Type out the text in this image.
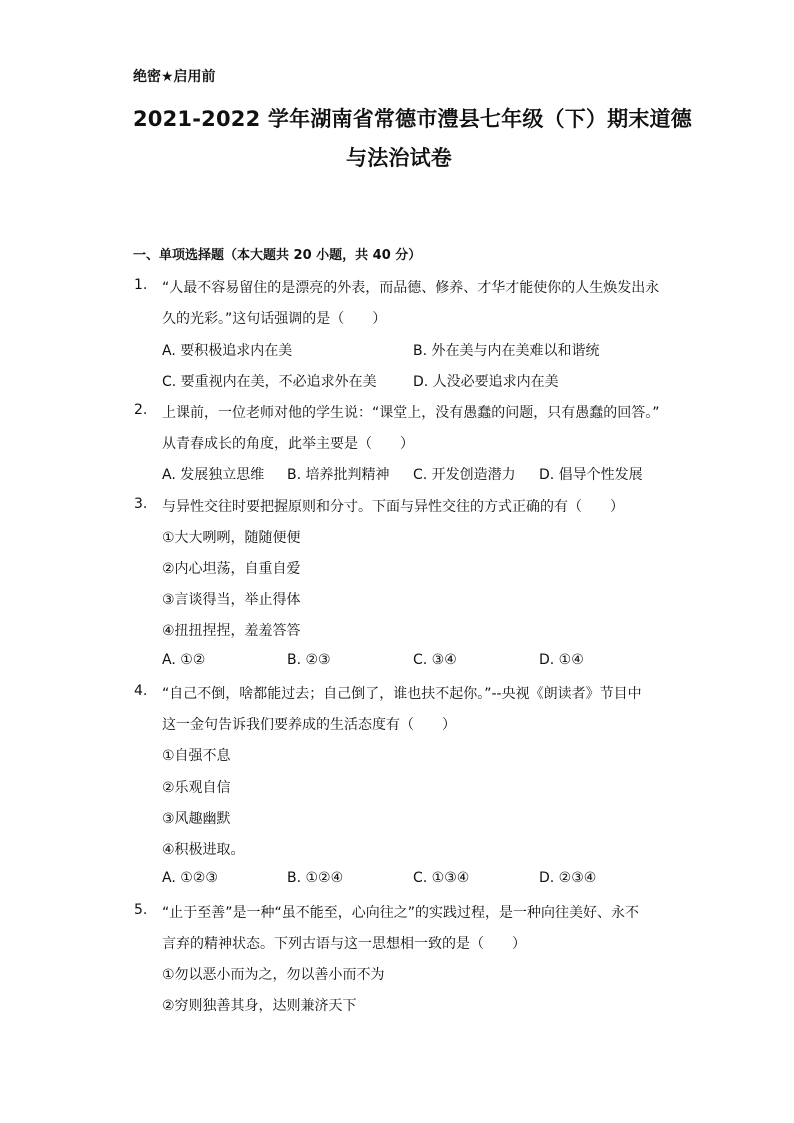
绝密★启用前
2021-2022 学年湖南省常德市澧县七年级（下）期末道德
与法治试卷
一、单项选择题（本大题共 20 小题，共 40 分）
1. “人最不容易留住的是漂亮的外表，而品德、修养、才华才能使你的人生焕发出永
久的光彩。”这句话强调的是（　　）
A. 要积极追求内在美	B. 外在美与内在美难以和谐统
C. 要重视内在美，不必追求外在美	D. 人没必要追求内在美
2. 上课前，一位老师对他的学生说：“课堂上，没有愚蠢的问题，只有愚蠢的回答。”
从青春成长的角度，此举主要是（　　）
A. 发展独立思维 B. 培养批判精神 C. 开发创造潜力 D. 倡导个性发展
3. 与异性交往时要把握原则和分寸。下面与异性交往的方式正确的有（　　）
①大大咧咧，随随便便
②内心坦荡，自重自爱
③言谈得当，举止得体
④扭扭捏捏，羞羞答答
A. ①②	B. ②③	C. ③④	D. ①④
4. “自己不倒，啥都能过去；自己倒了，谁也扶不起你。”--央视《朗读者》节目中
这一金句告诉我们要养成的生活态度有（　　）
①自强不息
②乐观自信
③风趣幽默
④积极进取。
A. ①②③	B. ①②④	C. ①③④	D. ②③④
5. “止于至善”是一种“虽不能至，心向往之”的实践过程，是一种向往美好、永不
言弃的精神状态。下列古语与这一思想相一致的是（　　）
①勿以恶小而为之，勿以善小而不为
②穷则独善其身，达则兼济天下
